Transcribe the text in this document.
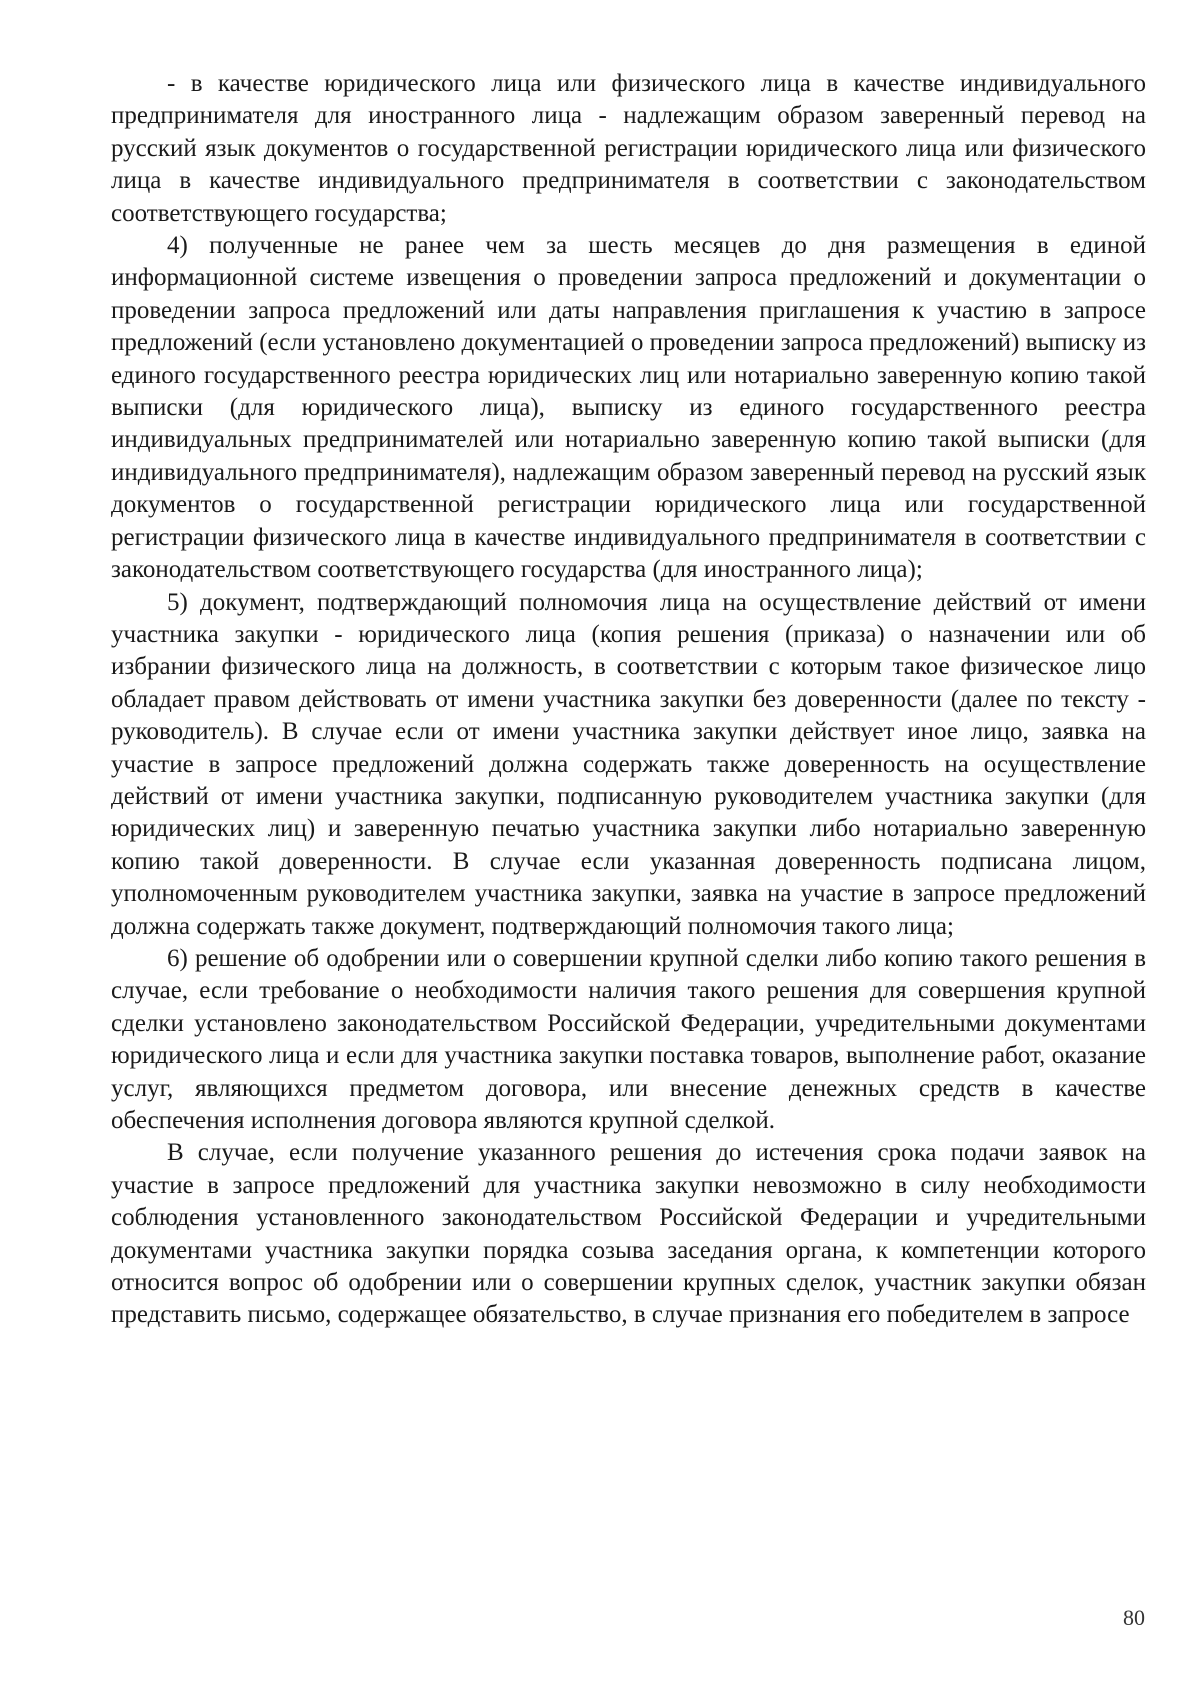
- в качестве юридического лица или физического лица в качестве индивидуального предпринимателя для иностранного лица - надлежащим образом заверенный перевод на русский язык документов о государственной регистрации юридического лица или физического лица в качестве индивидуального предпринимателя в соответствии с законодательством соответствующего государства;

4) полученные не ранее чем за шесть месяцев до дня размещения в единой информационной системе извещения о проведении запроса предложений и документации о проведении запроса предложений или даты направления приглашения к участию в запросе предложений (если установлено документацией о проведении запроса предложений) выписку из единого государственного реестра юридических лиц или нотариально заверенную копию такой выписки (для юридического лица), выписку из единого государственного реестра индивидуальных предпринимателей или нотариально заверенную копию такой выписки (для индивидуального предпринимателя), надлежащим образом заверенный перевод на русский язык документов о государственной регистрации юридического лица или государственной регистрации физического лица в качестве индивидуального предпринимателя в соответствии с законодательством соответствующего государства (для иностранного лица);

5) документ, подтверждающий полномочия лица на осуществление действий от имени участника закупки - юридического лица (копия решения (приказа) о назначении или об избрании физического лица на должность, в соответствии с которым такое физическое лицо обладает правом действовать от имени участника закупки без доверенности (далее по тексту - руководитель). В случае если от имени участника закупки действует иное лицо, заявка на участие в запросе предложений должна содержать также доверенность на осуществление действий от имени участника закупки, подписанную руководителем участника закупки (для юридических лиц) и заверенную печатью участника закупки либо нотариально заверенную копию такой доверенности. В случае если указанная доверенность подписана лицом, уполномоченным руководителем участника закупки, заявка на участие в запросе предложений должна содержать также документ, подтверждающий полномочия такого лица;

6) решение об одобрении или о совершении крупной сделки либо копию такого решения в случае, если требование о необходимости наличия такого решения для совершения крупной сделки установлено законодательством Российской Федерации, учредительными документами юридического лица и если для участника закупки поставка товаров, выполнение работ, оказание услуг, являющихся предметом договора, или внесение денежных средств в качестве обеспечения исполнения договора являются крупной сделкой.

В случае, если получение указанного решения до истечения срока подачи заявок на участие в запросе предложений для участника закупки невозможно в силу необходимости соблюдения установленного законодательством Российской Федерации и учредительными документами участника закупки порядка созыва заседания органа, к компетенции которого относится вопрос об одобрении или о совершении крупных сделок, участник закупки обязан представить письмо, содержащее обязательство, в случае признания его победителем в запросе

80
